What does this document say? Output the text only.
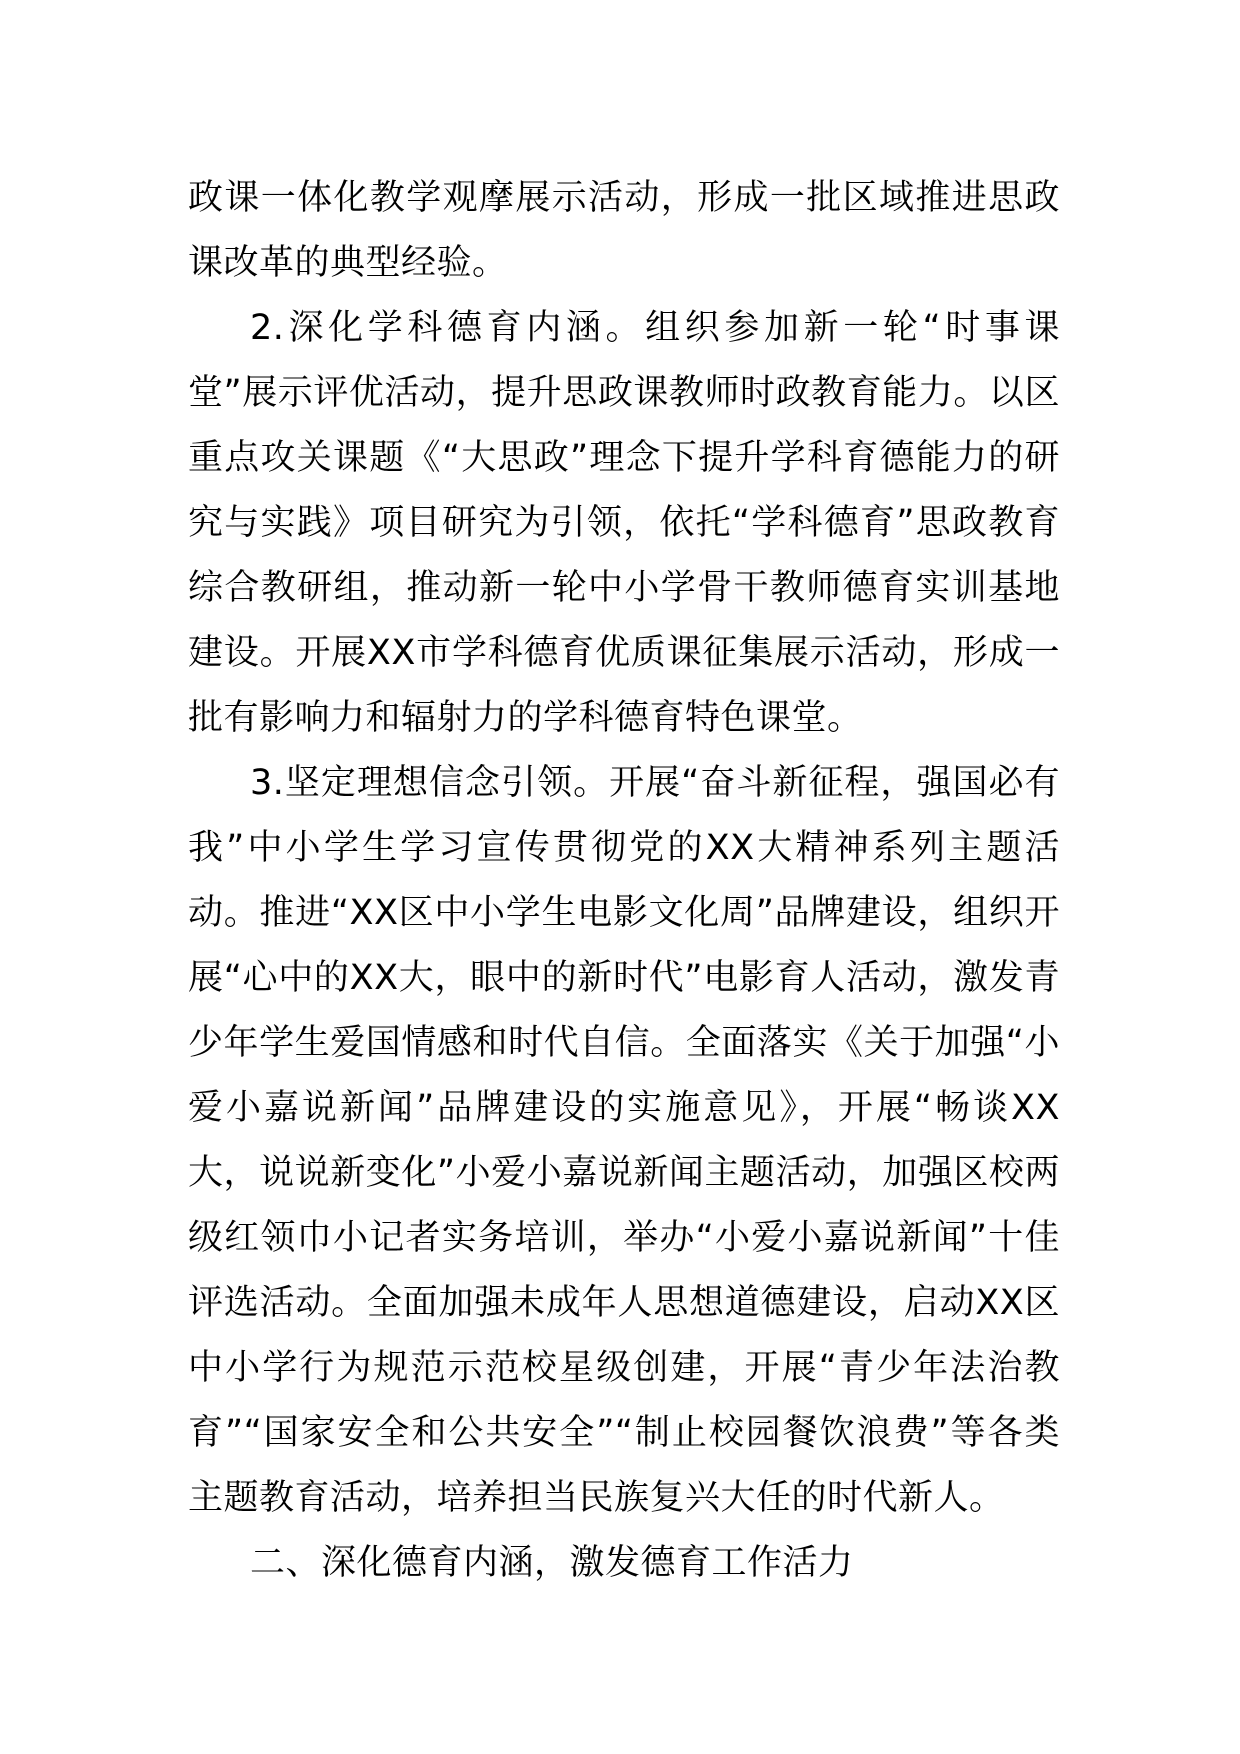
政课一体化教学观摩展示活动，形成一批区域推进思政课改革的典型经验。

2.深化学科德育内涵。组织参加新一轮“时事课堂”展示评优活动，提升思政课教师时政教育能力。以区重点攻关课题《“大思政”理念下提升学科育德能力的研究与实践》项目研究为引领，依托“学科德育”思政教育综合教研组，推动新一轮中小学骨干教师德育实训基地建设。开展XX市学科德育优质课征集展示活动，形成一批有影响力和辐射力的学科德育特色课堂。

3.坚定理想信念引领。开展“奋斗新征程，强国必有我”中小学生学习宣传贯彻党的XX大精神系列主题活动。推进“XX区中小学生电影文化周”品牌建设，组织开展“心中的XX大，眼中的新时代”电影育人活动，激发青少年学生爱国情感和时代自信。全面落实《关于加强“小爱小嘉说新闻”品牌建设的实施意见》，开展“畅谈XX大，说说新变化”小爱小嘉说新闻主题活动，加强区校两级红领巾小记者实务培训，举办“小爱小嘉说新闻”十佳评选活动。全面加强未成年人思想道德建设，启动XX区中小学行为规范示范校星级创建，开展“青少年法治教育”“国家安全和公共安全”“制止校园餐饮浪费”等各类主题教育活动，培养担当民族复兴大任的时代新人。

二、深化德育内涵，激发德育工作活力
